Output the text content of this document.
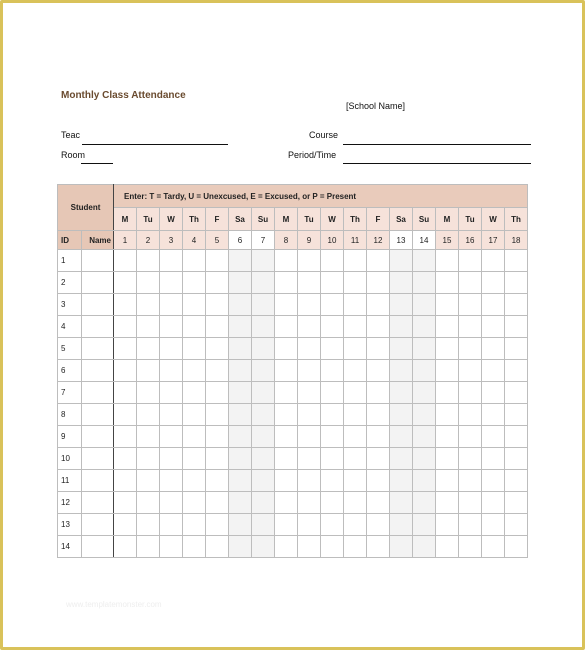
Monthly Class Attendance
[School Name]
Teac
Room
Course
Period/Time
Student		Enter: T = Tardy, U = Unexcused, E = Excused, or P = Present																	
		M	Tu	W	Th	F	Sa	Su	M	Tu	W	Th	F	Sa	Su	M	Tu	W	Th
ID	Name	1	2	3	4	5	6	7	8	9	10	11	12	13	14	15	16	17	18
1																			
2																			
3																			
4																			
5																			
6																			
7																			
8																			
9																			
10																			
11																			
12																			
13																			
14																			
www.templatemonster.com
